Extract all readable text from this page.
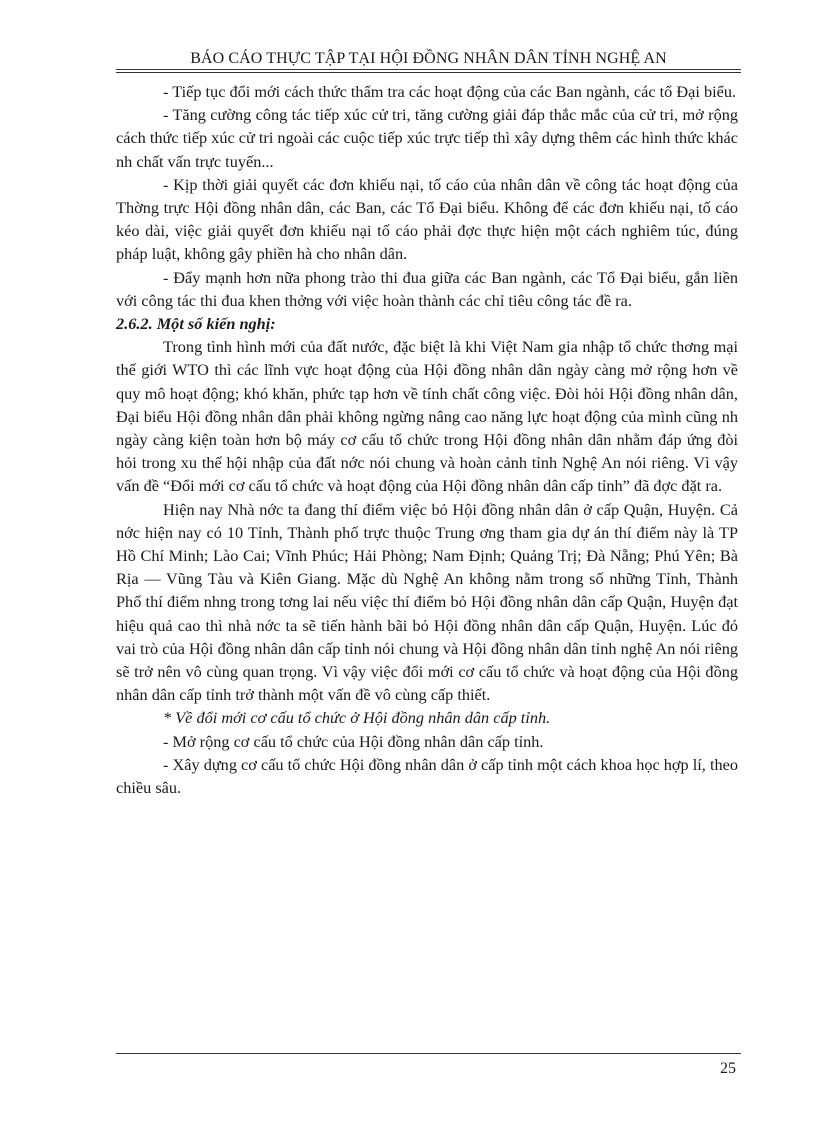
BÁO CÁO THỰC TẬP TẠI HỘI ĐỒNG NHÂN DÂN TỈNH NGHỆ AN

- Tiếp tục đổi mới cách thức thẩm tra các hoạt động của các Ban ngành, các tổ Đại biểu.

- Tăng cường công tác tiếp xúc cử tri, tăng cường giải đáp thắc mắc của cử tri, mở rộng cách thức tiếp xúc cử tri ngoài các cuộc tiếp xúc trực tiếp thì xây dựng thêm các hình thức khác nh chất vấn trực tuyến...

- Kịp thời giải quyết các đơn khiếu nại, tố cáo của nhân dân về công tác hoạt động của Thờng trực Hội đồng nhân dân, các Ban, các Tổ Đại biểu. Không để các đơn khiếu nại, tố cáo kéo dài, việc giải quyết đơn khiếu nại tố cáo phải đợc thực hiện một cách nghiêm túc, đúng pháp luật, không gây phiền hà cho nhân dân.

- Đẩy mạnh hơn nữa phong trào thi đua giữa các Ban ngành, các Tổ Đại biểu, gắn liền với công tác thi đua khen thởng với việc hoàn thành các chỉ tiêu công tác đề ra.

2.6.2. Một số kiến nghị:

Trong tình hình mới của đất nước, đặc biệt là khi Việt Nam gia nhập tổ chức thơng mại thế giới WTO thì các lĩnh vực hoạt động của Hội đồng nhân dân ngày càng mở rộng hơn về quy mô hoạt động; khó khăn, phức tạp hơn về tính chất công việc. Đòi hỏi Hội đồng nhân dân, Đại biểu Hội đồng nhân dân phải không ngừng nâng cao năng lực hoạt động của mình cũng nh ngày càng kiện toàn hơn bộ máy cơ cấu tổ chức trong Hội đồng nhân dân nhằm đáp ứng đòi hỏi trong xu thế hội nhập của đất nớc nói chung và hoàn cảnh tỉnh Nghệ An nói riêng. Vì vậy vấn đề “Đổi mới cơ cấu tổ chức và hoạt động của Hội đồng nhân dân cấp tỉnh” đã đợc đặt ra.

Hiện nay Nhà nớc ta đang thí điểm việc bỏ Hội đồng nhân dân ở cấp Quận, Huyện. Cả nớc hiện nay có 10 Tỉnh, Thành phố trực thuộc Trung ơng tham gia dự án thí điểm này là TP Hồ Chí Minh; Lào Cai; Vĩnh Phúc; Hải Phòng; Nam Định; Quảng Trị; Đà Nẵng; Phú Yên; Bà Rịa — Vũng Tàu và Kiên Giang. Mặc dù Nghệ An không nằm trong số những Tỉnh, Thành Phố thí điểm nhng trong tơng lai nếu việc thí điểm bỏ Hội đồng nhân dân cấp Quận, Huyện đạt hiệu quả cao thì nhà nớc ta sẽ tiến hành bãi bỏ Hội đồng nhân dân cấp Quận, Huyện. Lúc đó vai trò của Hội đồng nhân dân cấp tỉnh nói chung và Hội đồng nhân dân tỉnh nghệ An nói riêng sẽ trở nên vô cùng quan trọng. Vì vậy việc đổi mới cơ cấu tổ chức và hoạt động của Hội đồng nhân dân cấp tỉnh trở thành một vấn đề vô cùng cấp thiết.

* Về đổi mới cơ cấu tổ chức ở Hội đồng nhân dân cấp tỉnh.

- Mở rộng cơ cấu tổ chức của Hội đồng nhân dân cấp tỉnh.

- Xây dựng cơ cấu tổ chức Hội đồng nhân dân ở cấp tỉnh một cách khoa học hợp lí, theo chiều sâu.

25
